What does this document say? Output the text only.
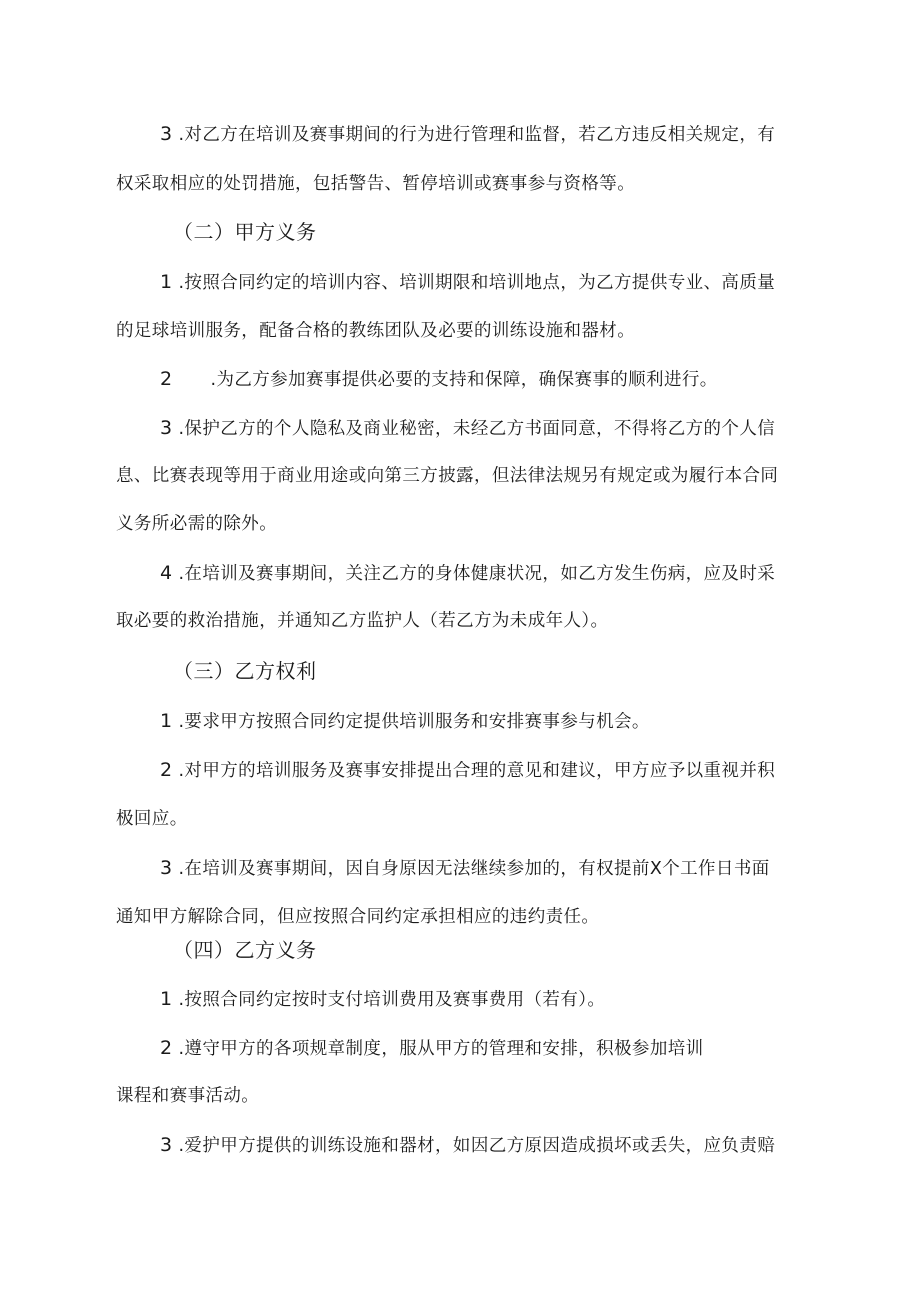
3 .对乙方在培训及赛事期间的行为进行管理和监督，若乙方违反相关规定，有
权采取相应的处罚措施，包括警告、暂停培训或赛事参与资格等。
（二）甲方义务
1 .按照合同约定的培训内容、培训期限和培训地点，为乙方提供专业、高质量
的足球培训服务，配备合格的教练团队及必要的训练设施和器材。
2 .为乙方参加赛事提供必要的支持和保障，确保赛事的顺利进行。
3 .保护乙方的个人隐私及商业秘密，未经乙方书面同意，不得将乙方的个人信
息、比赛表现等用于商业用途或向第三方披露，但法律法规另有规定或为履行本合同
义务所必需的除外。
4 .在培训及赛事期间，关注乙方的身体健康状况，如乙方发生伤病，应及时采
取必要的救治措施，并通知乙方监护人（若乙方为未成年人）。
（三）乙方权利
1 .要求甲方按照合同约定提供培训服务和安排赛事参与机会。
2 .对甲方的培训服务及赛事安排提出合理的意见和建议，甲方应予以重视并积
极回应。
3 .在培训及赛事期间，因自身原因无法继续参加的，有权提前X个工作日书面
通知甲方解除合同，但应按照合同约定承担相应的违约责任。
（四）乙方义务
1 .按照合同约定按时支付培训费用及赛事费用（若有）。
2 .遵守甲方的各项规章制度，服从甲方的管理和安排，积极参加培训
课程和赛事活动。
3 .爱护甲方提供的训练设施和器材，如因乙方原因造成损坏或丢失，应负责赔
